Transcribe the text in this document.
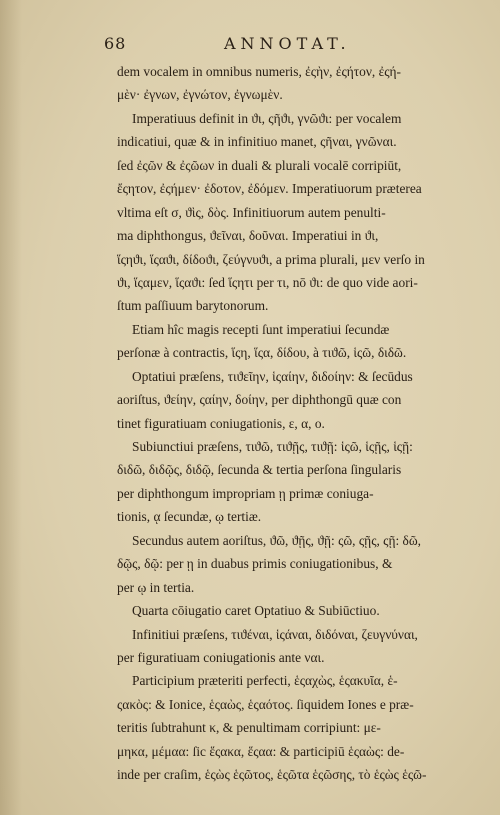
68	ANNOTAT.
dem vocalem in omnibus numeris, ἐςὴν, ἐςήτον, ἐςή-
μὲν· ἐγνων, ἐγνώτον, ἐγνωμὲν.
Imperatiuus definit in ϑι, ςῆϑι, γνῶϑι: per vocalem
indicatiui, quæ & in infinitiuo manet, ςῆναι, γνῶναι.
ſed ἐςῶν & ἐςῶων in duali & plurali vocalē corripiūt,
ἔςητον, ἐςήμεν· ἐδοτον, ἐδόμεν. Imperatiuorum præterea
vltima eſt σ, ϑὶς, δὸς. Infinitiuorum autem penulti-
ma diphthongus, ϑεῖναι, δοῦναι. Imperatiui in ϑι,
ἵςηϑι, ἵςαϑι, δίδοϑι, ζεύγνυϑι, a prima plurali, μεν verſo in
ϑι, ἵςαμεν, ἵςαϑι: ſed ἵςητι per τι, nō ϑι: de quo vide aori-
ſtum paſſiuum barytonorum.
Etiam hîc magis recepti ſunt imperatiui ſecundæ
perſonæ à contractis, ἵςη, ἵςα, δίδου, à τιϑῶ, ἱςῶ, διδῶ.
Optatiui præſens, τιϑεῖην, ἱςαίην, διδοίην: & ſecūdus
aoriſtus, ϑείην, ςαίην, δοίην, per diphthongū quæ con
tinet figuratiuam coniugationis, ε, α, ο.
Subiunctiui præſens, τιϑῶ, τιϑῇς, τιϑῇ: ἱςῶ, ἱςῇς, ἱςῇ:
διδῶ, διδῷς, διδῷ, ſecunda & tertia perſona ſingularis
per diphthongum impropriam ῃ primæ coniuga-
tionis, ᾳ ſecundæ, ῳ tertiæ.
Secundus autem aoriſtus, ϑῶ, ϑῇς, ϑῇ: ςῶ, ςῇς, ςῇ: δῶ,
δῷς, δῷ: per ῃ in duabus primis coniugationibus, &
per ῳ in tertia.
Quarta cōiugatio caret Optatiuo & Subiūctiuo.
Infinitiui præſens, τιϑέναι, ἱςάναι, διδόναι, ζευγνύναι,
per figuratiuam coniugationis ante ναι.
Participium præteriti perfecti, ἑςαχὼς, ἑςακυῖα, ἑ-
ςακὸς: & Ionice, ἑςαὼς, ἑςαότος. ſiquidem Iones e præ-
teritis ſubtrahunt κ, & penultimam corripiunt: με-
μηκα, μέμαα: ſic ἕςακα, ἕςαα: & participiū ἑςαὼς: de-
inde per craſim, ἑςὼς ἑςῶτος, ἑςῶτα ἑςῶσης, τὸ ἑςὼς ἑςῶ-
